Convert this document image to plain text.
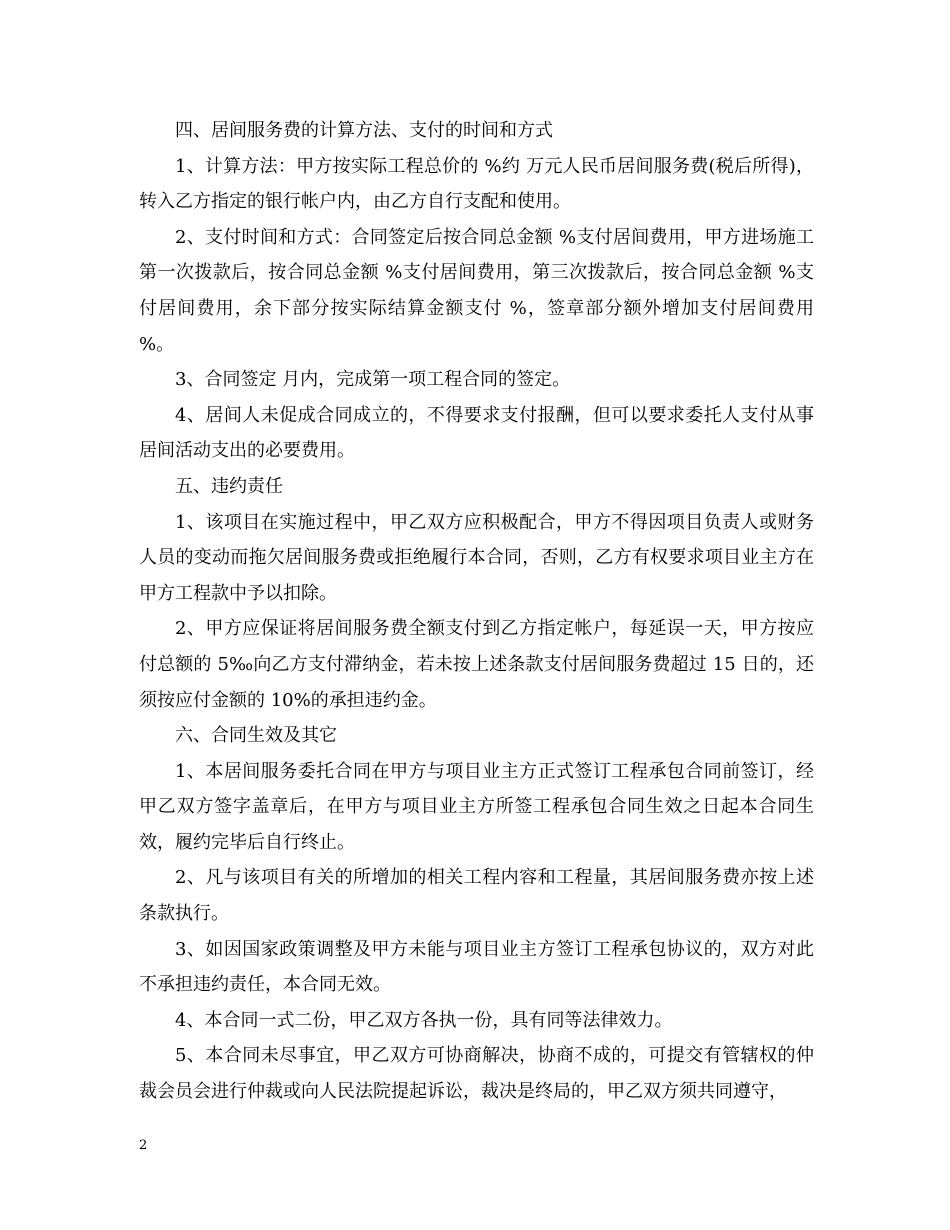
四、居间服务费的计算方法、支付的时间和方式

1、计算方法：甲方按实际工程总价的 %约 万元人民币居间服务费(税后所得)，转入乙方指定的银行帐户内，由乙方自行支配和使用。

2、支付时间和方式：合同签定后按合同总金额 %支付居间费用，甲方进场施工第一次拨款后，按合同总金额 %支付居间费用，第三次拨款后，按合同总金额 %支付居间费用，余下部分按实际结算金额支付 %，签章部分额外增加支付居间费用 %。

3、合同签定 月内，完成第一项工程合同的签定。

4、居间人未促成合同成立的，不得要求支付报酬，但可以要求委托人支付从事居间活动支出的必要费用。

五、违约责任

1、该项目在实施过程中，甲乙双方应积极配合，甲方不得因项目负责人或财务人员的变动而拖欠居间服务费或拒绝履行本合同，否则，乙方有权要求项目业主方在甲方工程款中予以扣除。

2、甲方应保证将居间服务费全额支付到乙方指定帐户，每延误一天，甲方按应付总额的 5‰向乙方支付滞纳金，若未按上述条款支付居间服务费超过 15 日的，还须按应付金额的 10%的承担违约金。

六、合同生效及其它

1、本居间服务委托合同在甲方与项目业主方正式签订工程承包合同前签订，经甲乙双方签字盖章后，在甲方与项目业主方所签工程承包合同生效之日起本合同生效，履约完毕后自行终止。

2、凡与该项目有关的所增加的相关工程内容和工程量，其居间服务费亦按上述条款执行。

3、如因国家政策调整及甲方未能与项目业主方签订工程承包协议的，双方对此不承担违约责任，本合同无效。

4、本合同一式二份，甲乙双方各执一份，具有同等法律效力。

5、本合同未尽事宜，甲乙双方可协商解决，协商不成的，可提交有管辖权的仲裁会员会进行仲裁或向人民法院提起诉讼，裁决是终局的，甲乙双方须共同遵守，

2
